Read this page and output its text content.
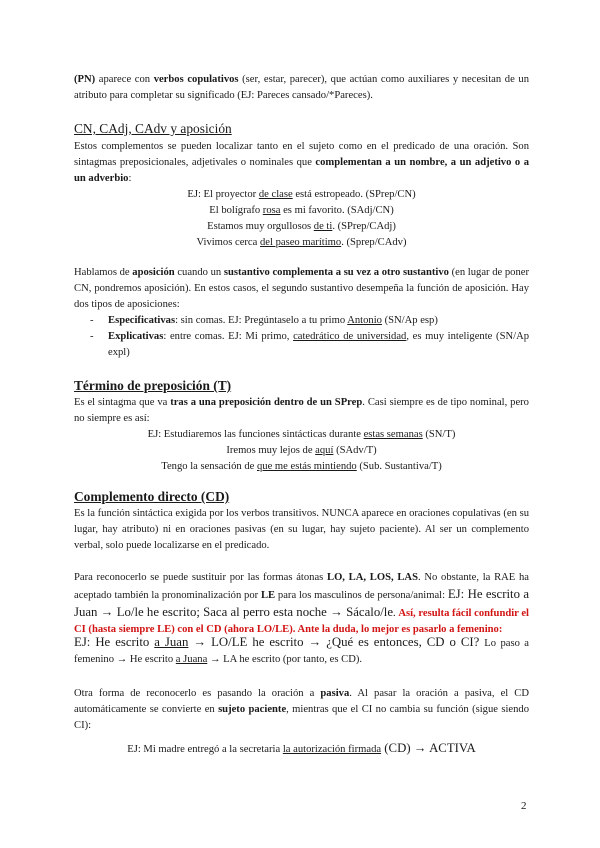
(PN) aparece con verbos copulativos (ser, estar, parecer), que actúan como auxiliares y necesitan de un atributo para completar su significado (EJ: Pareces cansado/*Pareces).

CN, CAdj, CAdv y aposición

Estos complementos se pueden localizar tanto en el sujeto como en el predicado de una oración. Son sintagmas preposicionales, adjetivales o nominales que complementan a un nombre, a un adjetivo o a un adverbio:

EJ: El proyector de clase está estropeado. (SPrep/CN)
El bolígrafo rosa es mi favorito. (SAdj/CN)
Estamos muy orgullosos de ti. (SPrep/CAdj)
Vivimos cerca del paseo marítimo. (Sprep/CAdv)

Hablamos de aposición cuando un sustantivo complementa a su vez a otro sustantivo (en lugar de poner CN, pondremos aposición). En estos casos, el segundo sustantivo desempeña la función de aposición. Hay dos tipos de aposiciones:

- Especificativas: sin comas. EJ: Pregúntaselo a tu primo Antonio (SN/Ap esp)
- Explicativas: entre comas. EJ: Mi primo, catedrático de universidad, es muy inteligente (SN/Ap expl)
Término de preposición (T)

Es el sintagma que va tras a una preposición dentro de un SPrep. Casi siempre es de tipo nominal, pero no siempre es así:

EJ: Estudiaremos las funciones sintácticas durante estas semanas (SN/T)
Iremos muy lejos de aquí (SAdv/T)
Tengo la sensación de que me estás mintiendo (Sub. Sustantiva/T)
Complemento directo (CD)

Es la función sintáctica exigida por los verbos transitivos. NUNCA aparece en oraciones copulativas (en su lugar, hay atributo) ni en oraciones pasivas (en su lugar, hay sujeto paciente). Al ser un complemento verbal, solo puede localizarse en el predicado.

Para reconocerlo se puede sustituir por las formas átonas LO, LA, LOS, LAS. No obstante, la RAE ha aceptado también la pronominalización por LE para los masculinos de persona/animal: EJ: He escrito a Juan → Lo/le he escrito; Saca al perro esta noche → Sácalo/le. Así, resulta fácil confundir el CI (hasta siempre LE) con el CD (ahora LO/LE). Ante la duda, lo mejor es pasarlo a femenino:

EJ: He escrito a Juan → LO/LE he escrito → ¿Qué es entonces, CD o CI? Lo paso a femenino → He escrito a Juana → LA he escrito (por tanto, es CD).

Otra forma de reconocerlo es pasando la oración a pasiva. Al pasar la oración a pasiva, el CD automáticamente se convierte en sujeto paciente, mientras que el CI no cambia su función (sigue siendo CI):

EJ: Mi madre entregó a la secretaria la autorización firmada (CD) → ACTIVA
2
